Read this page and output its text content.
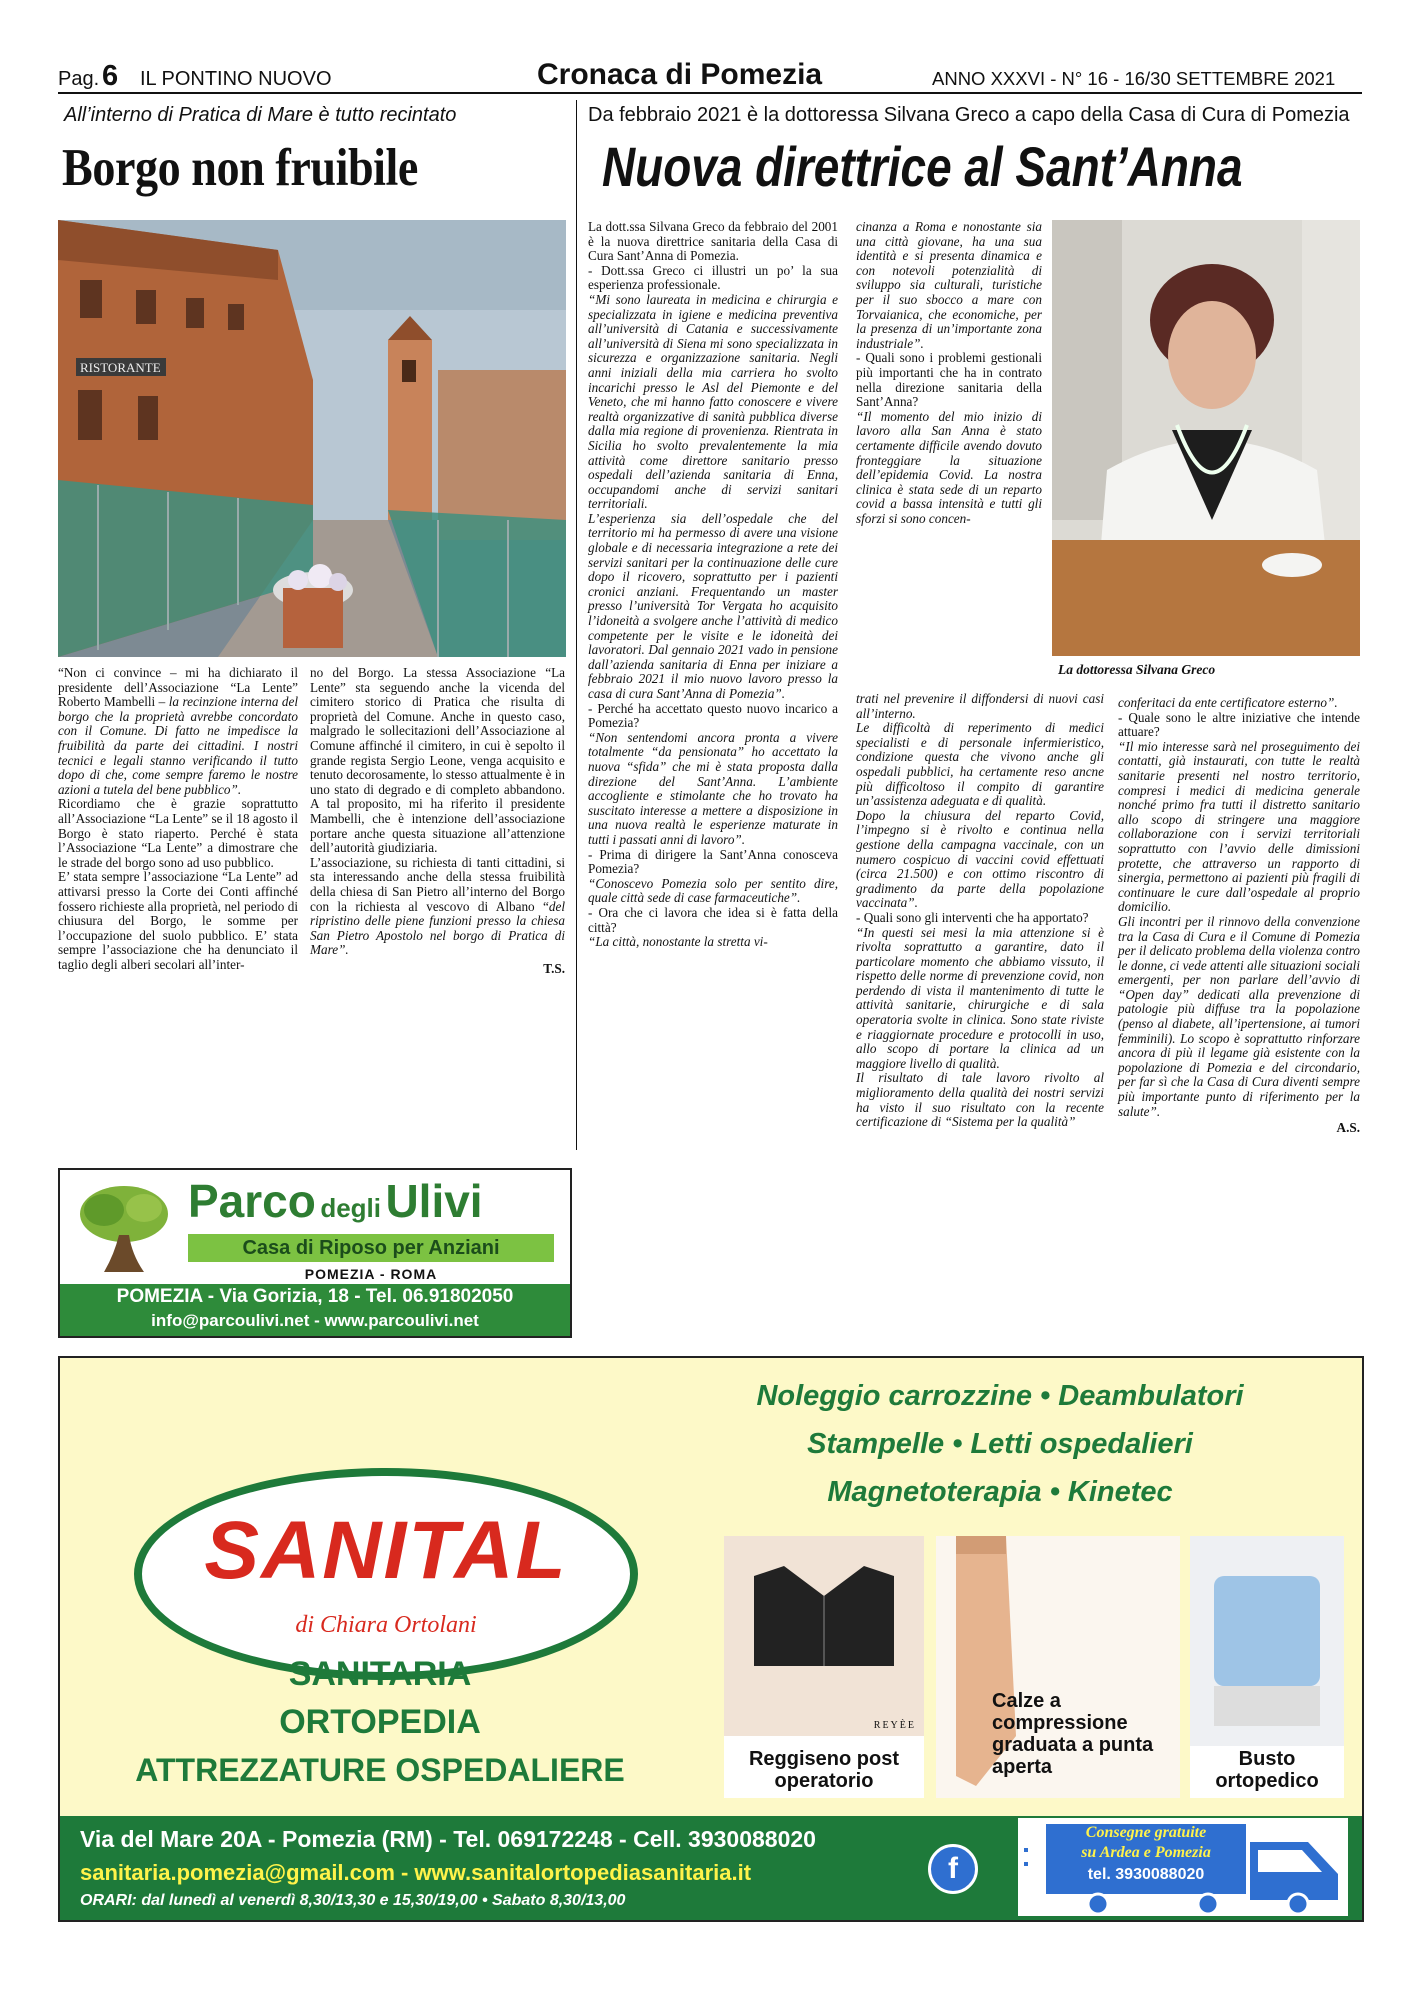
Pag. 6 IL PONTINO NUOVO	Cronaca di Pomezia	ANNO XXXVI - N° 16 - 16/30 SETTEMBRE 2021
All’interno di Pratica di Mare è tutto recintato
Borgo non fruibile
RISTORANTE

“Non ci convince – mi ha dichiarato il presidente dell’Associazione “La Lente” Roberto Mambelli – la recinzione interna del borgo che la proprietà avrebbe concordato con il Comune. Di fatto ne impedisce la fruibilità da parte dei cittadini. I nostri tecnici e legali stanno verificando il tutto dopo di che, come sempre faremo le nostre azioni a tutela del bene pubblico”.

Ricordiamo che è grazie soprattutto all’Associazione “La Lente” se il 18 agosto il Borgo è stato riaperto. Perché è stata l’Associazione “La Lente” a dimostrare che le strade del borgo sono ad uso pubblico.

E’ stata sempre l’associazione “La Lente” ad attivarsi presso la Corte dei Conti affinché fossero richieste alla proprietà, nel periodo di chiusura del Borgo, le somme per l’occupazione del suolo pubblico. E’ stata sempre l’associazione che ha denunciato il taglio degli alberi secolari all’inter-

no del Borgo. La stessa Associazione “La Lente” sta seguendo anche la vicenda del cimitero storico di Pratica che risulta di proprietà del Comune. Anche in questo caso, malgrado le sollecitazioni dell’Associazione al Comune affinché il cimitero, in cui è sepolto il grande regista Sergio Leone, venga acquisito e tenuto decorosamente, lo stesso attualmente è in uno stato di degrado e di completo abbandono. A tal proposito, mi ha riferito il presidente Mambelli, che è intenzione dell’associazione portare anche questa situazione all’attenzione dell’autorità giudiziaria.

L’associazione, su richiesta di tanti cittadini, si sta interessando anche della stessa fruibilità della chiesa di San Pietro all’interno del Borgo con la richiesta al vescovo di Albano “del ripristino delle piene funzioni presso la chiesa San Pietro Apostolo nel borgo di Pratica di Mare”.

T.S.

Parco degli Ulivi
Casa di Riposo per Anziani
POMEZIA - ROMA
POMEZIA - Via Gorizia, 18 - Tel. 06.91802050
info@parcoulivi.net - www.parcoulivi.net
Da febbraio 2021 è la dottoressa Silvana Greco a capo della Casa di Cura di Pomezia
Nuova direttrice al Sant’Anna

La dott.ssa Silvana Greco da febbraio del 2001 è la nuova direttrice sanitaria della Casa di Cura Sant’Anna di Pomezia.

- Dott.ssa Greco ci illustri un po’ la sua esperienza professionale.

“Mi sono laureata in medicina e chirurgia e specializzata in igiene e medicina preventiva all’università di Catania e successivamente all’università di Siena mi sono specializzata in sicurezza e organizzazione sanitaria. Negli anni iniziali della mia carriera ho svolto incarichi presso le Asl del Piemonte e del Veneto, che mi hanno fatto conoscere e vivere realtà organizzative di sanità pubblica diverse dalla mia regione di provenienza. Rientrata in Sicilia ho svolto prevalentemente la mia attività come direttore sanitario presso ospedali dell’azienda sanitaria di Enna, occupandomi anche di servizi sanitari territoriali.

L’esperienza sia dell’ospedale che del territorio mi ha permesso di avere una visione globale e di necessaria integrazione a rete dei servizi sanitari per la continuazione delle cure dopo il ricovero, soprattutto per i pazienti cronici anziani. Frequentando un master presso l’università Tor Vergata ho acquisito l’idoneità a svolgere anche l’attività di medico competente per le visite e le idoneità dei lavoratori. Dal gennaio 2021 vado in pensione dall’azienda sanitaria di Enna per iniziare a febbraio 2021 il mio nuovo lavoro presso la casa di cura Sant’Anna di Pomezia”.

- Perché ha accettato questo nuovo incarico a Pomezia?

“Non sentendomi ancora pronta a vivere totalmente “da pensionata” ho accettato la nuova “sfida” che mi è stata proposta dalla direzione del Sant’Anna. L’ambiente accogliente e stimolante che ho trovato ha suscitato interesse a mettere a disposizione in una nuova realtà le esperienze maturate in tutti i passati anni di lavoro”.

- Prima di dirigere la Sant’Anna conosceva Pomezia?

“Conoscevo Pomezia solo per sentito dire, quale città sede di case farmaceutiche”.

- Ora che ci lavora che idea si è fatta della città?

“La città, nonostante la stretta vi-

cinanza a Roma e nonostante sia una città giovane, ha una sua identità e si presenta dinamica e con notevoli potenzialità di sviluppo sia culturali, turistiche per il suo sbocco a mare con Torvaianica, che economiche, per la presenza di un’importante zona industriale”.

- Quali sono i problemi gestionali più importanti che ha in contrato nella direzione sanitaria della Sant’Anna?

“Il momento del mio inizio di lavoro alla San Anna è stato certamente difficile avendo dovuto fronteggiare la situazione dell’epidemia Covid. La nostra clinica è stata sede di un reparto covid a bassa intensità e tutti gli sforzi si sono concen-

La dottoressa Silvana Greco

trati nel prevenire il diffondersi di nuovi casi all’interno.

Le difficoltà di reperimento di medici specialisti e di personale infermieristico, condizione questa che vivono anche gli ospedali pubblici, ha certamente reso ancne più difficoltoso il compito di garantire un’assistenza adeguata e di qualità.

Dopo la chiusura del reparto Covid, l’impegno si è rivolto e continua nella gestione della campagna vaccinale, con un numero cospicuo di vaccini covid effettuati (circa 21.500) e con ottimo riscontro di gradimento da parte della popolazione vaccinata”.

- Quali sono gli interventi che ha apportato?

“In questi sei mesi la mia attenzione si è rivolta soprattutto a garantire, dato il particolare momento che abbiamo vissuto, il rispetto delle norme di prevenzione covid, non perdendo di vista il mantenimento di tutte le attività sanitarie, chirurgiche e di sala operatoria svolte in clinica. Sono state riviste e riaggiornate procedure e protocolli in uso, allo scopo di portare la clinica ad un maggiore livello di qualità.

Il risultato di tale lavoro rivolto al miglioramento della qualità dei nostri servizi ha visto il suo risultato con la recente certificazione di “Sistema per la qualità”

conferitaci da ente certificatore esterno”.

- Quale sono le altre iniziative che intende attuare?

“Il mio interesse sarà nel proseguimento dei contatti, già instaurati, con tutte le realtà sanitarie presenti nel nostro territorio, compresi i medici di medicina generale nonché primo fra tutti il distretto sanitario allo scopo di stringere una maggiore collaborazione con i servizi territoriali soprattutto con l’avvio delle dimissioni protette, che attraverso un rapporto di sinergia, permettono ai pazienti più fragili di continuare le cure dall’ospedale al proprio domicilio.

Gli incontri per il rinnovo della convenzione tra la Casa di Cura e il Comune di Pomezia per il delicato problema della violenza contro le donne, ci vede attenti alle situazioni sociali emergenti, per non parlare dell’avvio di “Open day” dedicati alla prevenzione di patologie più diffuse tra la popolazione (penso al diabete, all’ipertensione, ai tumori femminili). Lo scopo è soprattutto rinforzare ancora di più il legame già esistente con la popolazione di Pomezia e del circondario, per far sì che la Casa di Cura diventi sempre più importante punto di riferimento per la salute”.

A.S.

SANITAL
di Chiara Ortolani
Noleggio carrozzine • Deambulatori
Stampelle • Letti ospedalieri
Magnetoterapia • Kinetec
SANITARIA
ORTOPEDIA
ATTREZZATURE OSPEDALIERE
REYÈE
Reggiseno post operatorio
Calze a compressione graduata a punta aperta	Busto ortopedico
Via del Mare 20A - Pomezia (RM) - Tel. 069172248 - Cell. 3930088020
sanitaria.pomezia@gmail.com - www.sanitalortopediasanitaria.it
ORARI: dal lunedì al venerdì 8,30/13,30 e 15,30/19,00 • Sabato 8,30/13,00
f
Consegne gratuite
su Ardea e Pomezia
tel. 3930088020
